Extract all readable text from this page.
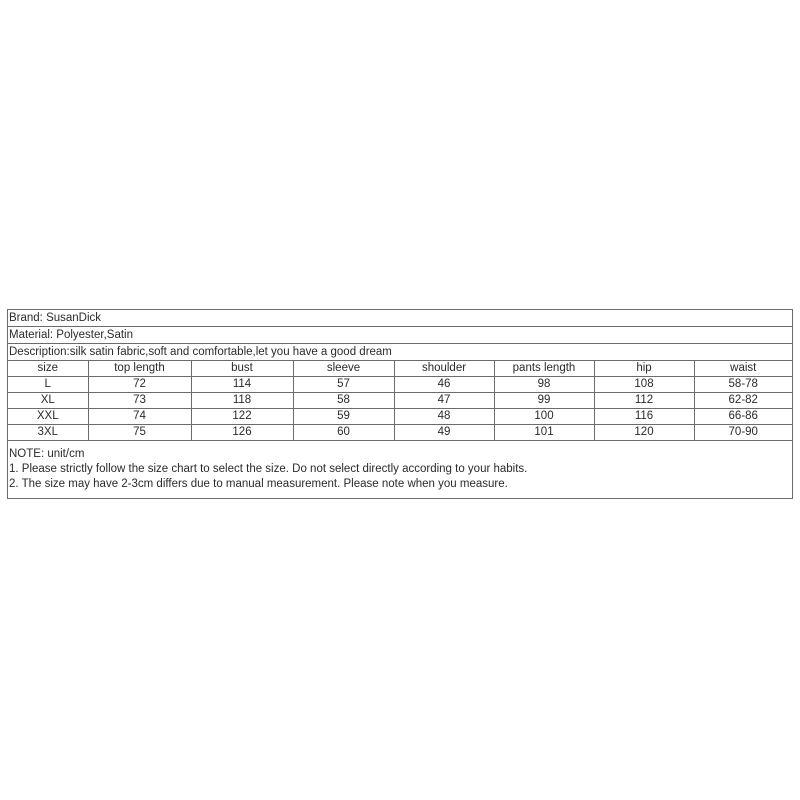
Brand: SusanDick
Material: Polyester,Satin
Description:silk satin fabric,soft and comfortable,let you have a good dream
size	top length	bust	sleeve	shoulder	pants length	hip	waist
L	72	114	57	46	98	108	58-78
XL	73	118	58	47	99	112	62-82
XXL	74	122	59	48	100	116	66-86
3XL	75	126	60	49	101	120	70-90
NOTE: unit/cm
1. Please strictly follow the size chart to select the size. Do not select directly according to your habits.
2. The size may have 2-3cm differs due to manual measurement. Please note when you measure.
